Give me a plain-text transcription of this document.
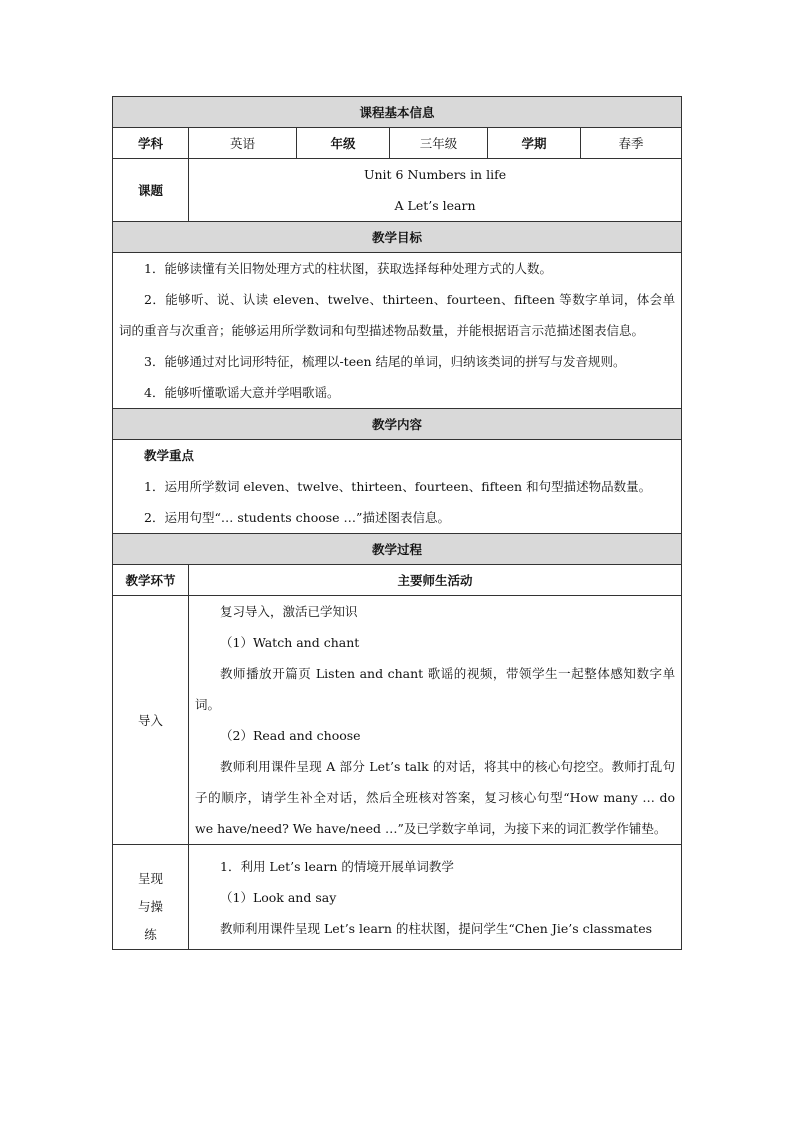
课程基本信息					
学科	英语	年级	三年级	学期	春季
课题	Unit 6 Numbers in life
A Let’s learn				

教学目标					

1．能够读懂有关旧物处理方式的柱状图，获取选择每种处理方式的人数。
2．能够听、说、认读 eleven、twelve、thirteen、fourteen、fifteen 等数字单词，体会单词的重音与次重音；能够运用所学数词和句型描述物品数量，并能根据语言示范描述图表信息。
3．能够通过对比词形特征，梳理以-teen 结尾的单词，归纳该类词的拼写与发音规则。
4．能够听懂歌谣大意并学唱歌谣。					

教学内容					

教学重点
1．运用所学数词 eleven、twelve、thirteen、fourteen、fifteen 和句型描述物品数量。
2．运用句型“… students choose …”描述图表信息。					

教学过程					
教学环节	主要师生活动				
导入	复习导入，激活已学知识
（1）Watch and chant
教师播放开篇页 Listen and chant 歌谣的视频，带领学生一起整体感知数字单词。
（2）Read and choose
教师利用课件呈现 A 部分 Let’s talk 的对话，将其中的核心句挖空。教师打乱句子的顺序，请学生补全对话，然后全班核对答案，复习核心句型“How many … do we have/need? We have/need …”及已学数字单词，为接下来的词汇教学作铺垫。				

呈现与操练	1．利用 Let’s learn 的情境开展单词教学
（1）Look and say
教师利用课件呈现 Let’s learn 的柱状图，提问学生“Chen Jie’s classmates				
